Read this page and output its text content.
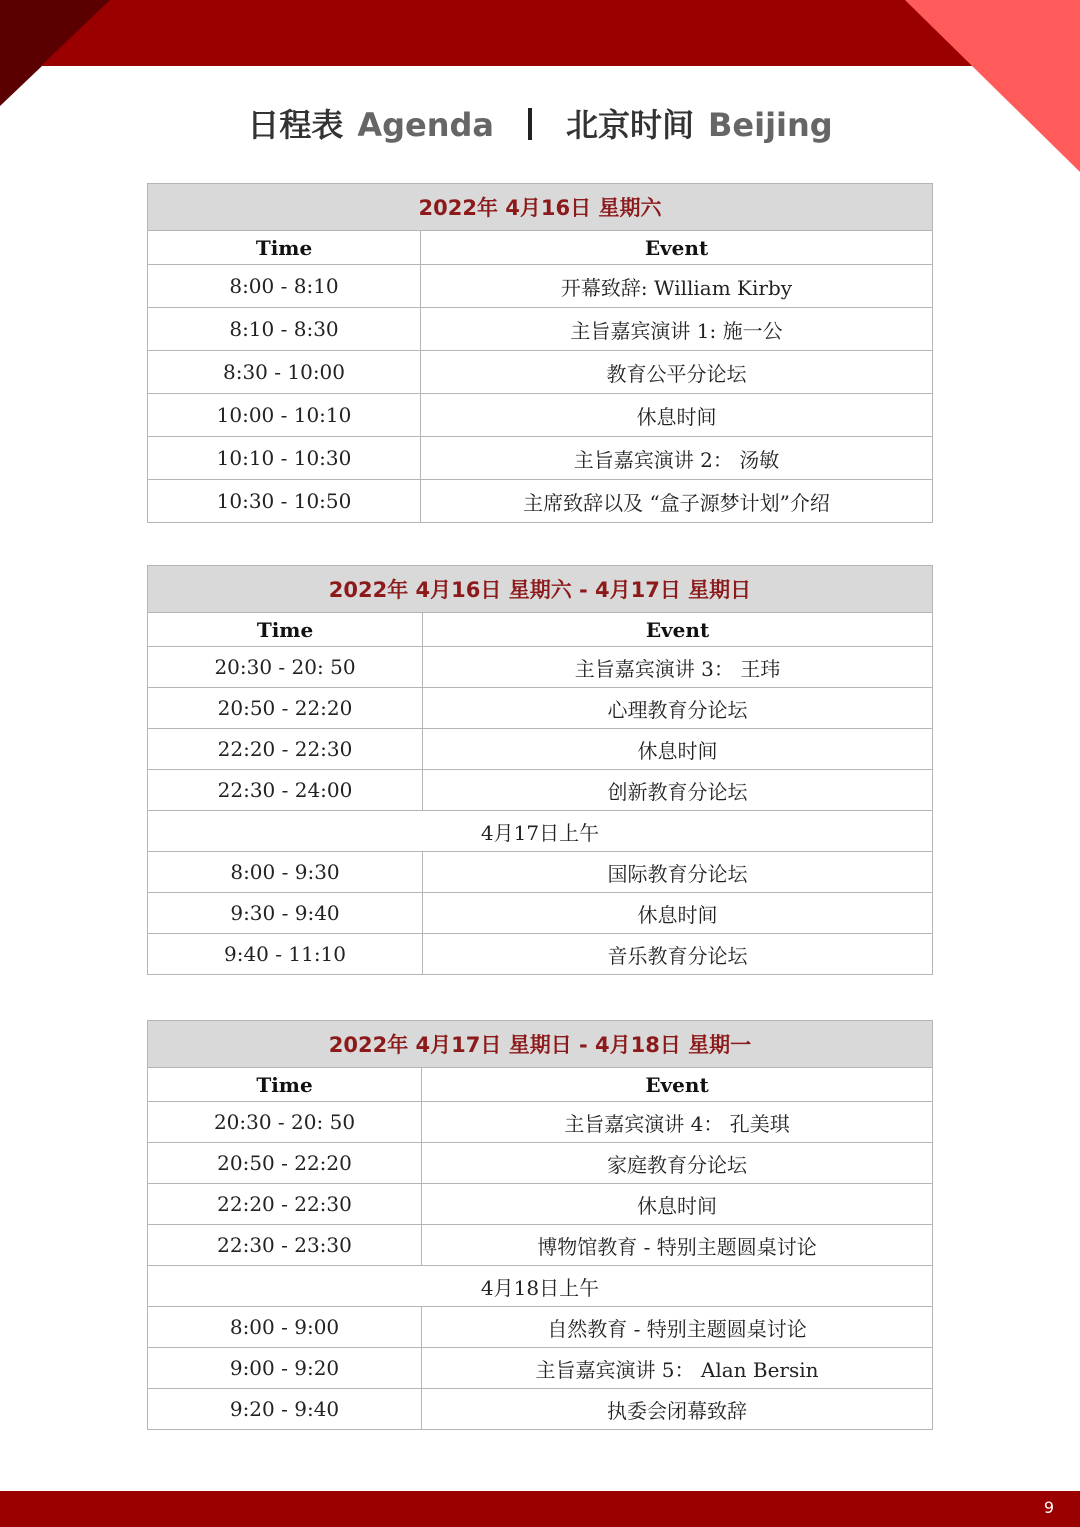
日程表 Agenda 北京时间 Beijing
2022年 4月16日 星期六	
Time	Event
8:00 - 8:10	开幕致辞: William Kirby
8:10 - 8:30	主旨嘉宾演讲 1: 施一公
8:30 - 10:00	教育公平分论坛
10:00 - 10:10	休息时间
10:10 - 10:30	主旨嘉宾演讲 2： 汤敏
10:30 - 10:50	主席致辞以及 “盒子源梦计划”介绍
2022年 4月16日 星期六 - 4月17日 星期日	
Time	Event
20:30 - 20: 50	主旨嘉宾演讲 3： 王玮
20:50 - 22:20	心理教育分论坛
22:20 - 22:30	休息时间
22:30 - 24:00	创新教育分论坛
4月17日上午	
8:00 - 9:30	国际教育分论坛
9:30 - 9:40	休息时间
9:40 - 11:10	音乐教育分论坛
2022年 4月17日 星期日 - 4月18日 星期一	
Time	Event
20:30 - 20: 50	主旨嘉宾演讲 4： 孔美琪
20:50 - 22:20	家庭教育分论坛
22:20 - 22:30	休息时间
22:30 - 23:30	博物馆教育 - 特别主题圆桌讨论
4月18日上午	
8:00 - 9:00	自然教育 - 特别主题圆桌讨论
9:00 - 9:20	主旨嘉宾演讲 5： Alan Bersin
9:20 - 9:40	执委会闭幕致辞
9
